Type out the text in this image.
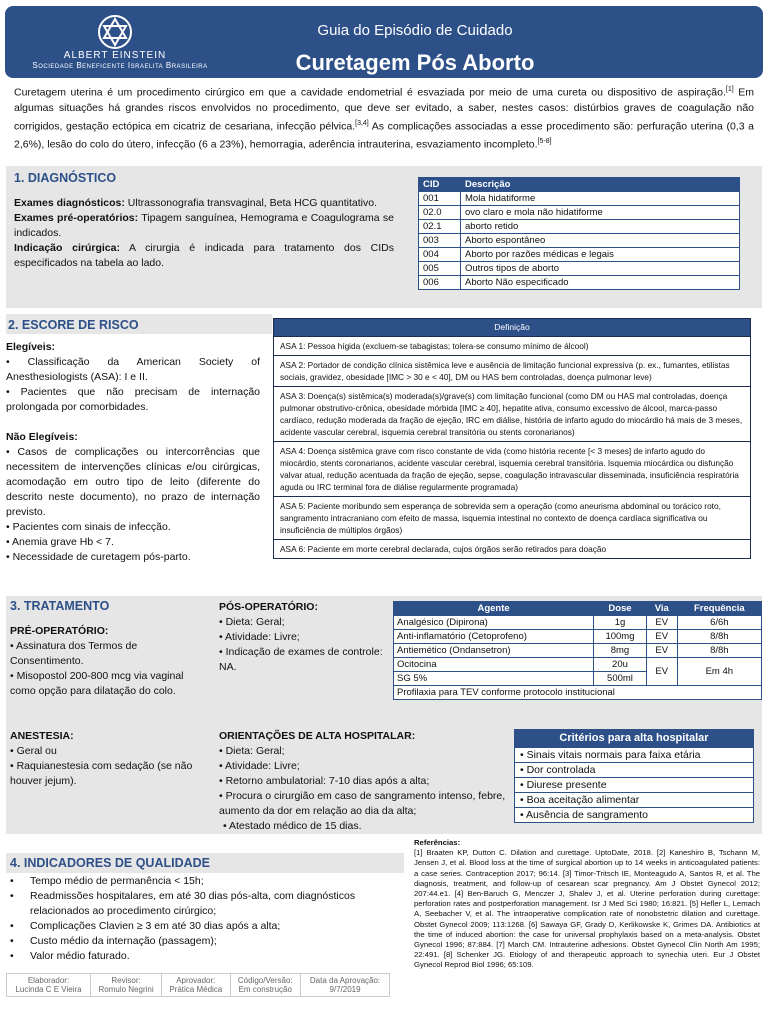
ALBERT EINSTEIN
Sociedade Beneficente Israelita Brasileira
Guia do Episódio de Cuidado
Curetagem Pós Aborto
Curetagem uterina é um procedimento cirúrgico em que a cavidade endometrial é esvaziada por meio de uma cureta ou dispositivo de aspiração.[1] Em algumas situações há grandes riscos envolvidos no procedimento, que deve ser evitado, a saber, nestes casos: distúrbios graves de coagulação não corrigidos, gestação ectópica em cicatriz de cesariana, infecção pélvica.[3,4] As complicações associadas a esse procedimento são: perfuração uterina (0,3 a 2,6%), lesão do colo do útero, infecção (6 a 23%), hemorragia, aderência intrauterina, esvaziamento incompleto.[5-8]
1. DIAGNÓSTICO
Exames diagnósticos: Ultrassonografia transvaginal, Beta HCG quantitativo.
Exames pré-operatórios: Tipagem sanguínea, Hemograma e Coagulograma se indicados.
Indicação cirúrgica: A cirurgia é indicada para tratamento dos CIDs especificados na tabela ao lado.
CID	Descrição
001	Mola hidatiforme
02.0	ovo claro e mola não hidatiforme
02.1	aborto retido
003	Aborto espontâneo
004	Aborto por razões médicas e legais
005	Outros tipos de aborto
006	Aborto Não especificado
2. ESCORE DE RISCO
Elegíveis:
• Classificação da American Society of Anesthesiologists (ASA): I e II.
• Pacientes que não precisam de internação prolongada por comorbidades.
Não Elegíveis:
• Casos de complicações ou intercorrências que necessitem de intervenções clínicas e/ou cirúrgicas, acomodação em outro tipo de leito (diferente do descrito neste documento), no prazo de internação previsto.
• Pacientes com sinais de infecção.
• Anemia grave Hb < 7.
• Necessidade de curetagem pós-parto.
Definição
ASA 1: Pessoa hígida (excluem-se tabagistas; tolera-se consumo mínimo de álcool)
ASA 2: Portador de condição clínica sistêmica leve e ausência de limitação funcional expressiva (p. ex., fumantes, etilistas sociais, gravidez, obesidade [IMC > 30 e < 40], DM ou HAS bem controladas, doença pulmonar leve)
ASA 3: Doença(s) sistêmica(s) moderada(s)/grave(s) com limitação funcional (como DM ou HAS mal controladas, doença pulmonar obstrutivo-crônica, obesidade mórbida [IMC ≥ 40], hepatite ativa, consumo excessivo de álcool, marca-passo cardíaco, redução moderada da fração de ejeção, IRC em diálise, história de infarto agudo do miocárdio há mais de 3 meses, acidente vascular cerebral, isquemia cerebral transitória ou stents coronarianos)
ASA 4: Doença sistêmica grave com risco constante de vida (como história recente [< 3 meses] de infarto agudo do miocárdio, stents coronarianos, acidente vascular cerebral, isquemia cerebral transitória. Isquemia miocárdica ou disfunção valvar atual, redução acentuada da fração de ejeção, sepse, coagulação intravascular disseminada, insuficiência respiratória aguda ou IRC terminal fora de diálise regularmente programada)
ASA 5: Paciente moribundo sem esperança de sobrevida sem a operação (como aneurisma abdominal ou torácico roto, sangramento intracraniano com efeito de massa, isquemia intestinal no contexto de doença cardíaca significativa ou insuficiência de múltiplos órgãos)
ASA 6: Paciente em morte cerebral declarada, cujos órgãos serão retirados para doação
3. TRATAMENTO
PRÉ-OPERATÓRIO:
• Assinatura dos Termos de Consentimento.
• Misopostol 200-800 mcg via vaginal como opção para dilatação do colo.
PÓS-OPERATÓRIO:
• Dieta: Geral;
• Atividade: Livre;
• Indicação de exames de controle: NA.
Agente	Dose	Via	Frequência
Analgésico (Dipirona)	1g	EV	6/6h
Anti-inflamatório (Cetoprofeno)	100mg	EV	8/8h
Antiemético (Ondansetron)	8mg	EV	8/8h
Ocitocina	20u	EV	Em 4h
SG 5%	500ml		
Profilaxia para TEV conforme protocolo institucional			
ANESTESIA:
• Geral ou
• Raquianestesia com sedação (se não houver jejum).
ORIENTAÇÕES DE ALTA HOSPITALAR:
• Dieta: Geral;
• Atividade: Livre;
• Retorno ambulatorial: 7-10 dias após a alta;
• Procura o cirurgião em caso de sangramento intenso, febre, aumento da dor em relação ao dia da alta;
• Atestado médico de 15 dias.
Critérios para alta hospitalar
• Sinais vitais normais para faixa etária
• Dor controlada
• Diurese presente
• Boa aceitação alimentar
• Ausência de sangramento
4. INDICADORES DE QUALIDADE
•	Tempo médio de permanência < 15h;
•	Readmissões hospitalares, em até 30 dias pós-alta, com diagnósticos relacionados ao procedimento cirúrgico;
•	Complicações Clavien ≥ 3 em até 30 dias após a alta;
•	Custo médio da internação (passagem);
•	Valor médio faturado.
Elaborador:
Lucinda C E Vieira

Revisor:
Romulo Negrini

Aprovador:
Prática Médica

Código/Versão:
Em construção

Data da Aprovação:
9/7/2019
Referências:
[1] Braaten KP, Dutton C. Dilation and curettage. UptoDate, 2018. [2] Kaneshiro B, Tschann M, Jensen J, et al. Blood loss at the time of surgical abortion up to 14 weeks in anticoagulated patients: a case series. Contraception 2017; 96:14. [3] Timor-Tritsch IE, Monteagudo A, Santos R, et al. The diagnosis, treatment, and follow-up of cesarean scar pregnancy. Am J Obstet Gynecol 2012; 207:44.e1. [4] Ben-Baruch G, Menczer J, Shalev J, et al. Uterine perforation during curettage: perforation rates and postperforation management. Isr J Med Sci 1980; 16:821. [5] Hefler L, Lemach A, Seebacher V, et al. The intraoperative complication rate of nonobstetric dilation and curettage. Obstet Gynecol 2009; 113:1268. [6] Sawaya GF, Grady D, Kerlikowske K, Grimes DA. Antibiotics at the time of induced abortion: the case for universal prophylaxis based on a meta-analysis. Obstet Gynecol 1996; 87:884. [7] March CM. Intrauterine adhesions. Obstet Gynecol Clin North Am 1995; 22:491. [8] Schenker JG. Etiology of and therapeutic approach to synechia uteri. Eur J Obstet Gynecol Reprod Biol 1996; 65:109.
